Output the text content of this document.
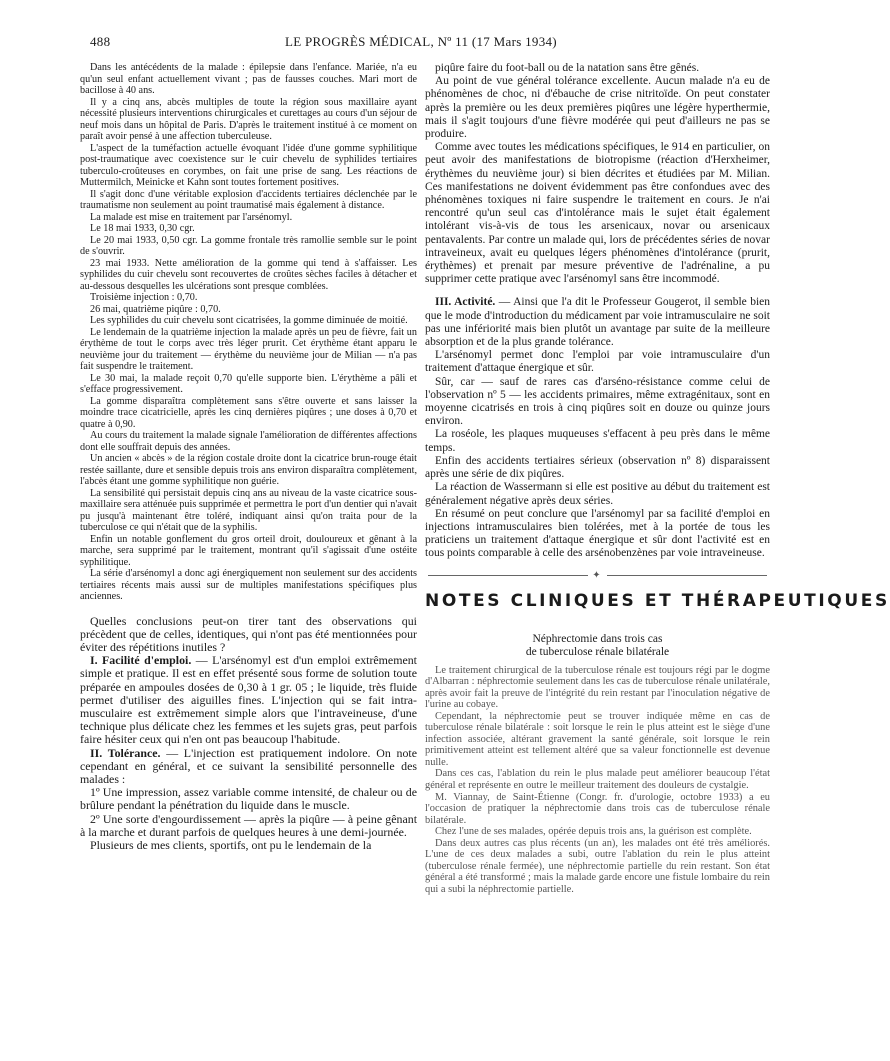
488	LE PROGRÈS MÉDICAL, Nº 11 (17 Mars 1934)

Dans les antécédents de la malade : épilepsie dans l'enfance. Mariée, n'a eu qu'un seul enfant actuellement vivant ; pas de fausses couches. Mari mort de bacillose à 40 ans.

Il y a cinq ans, abcès multiples de toute la région sous maxillaire ayant nécessité plusieurs interventions chirurgicales et curettages au cours d'un séjour de neuf mois dans un hôpital de Paris. D'après le traitement institué à ce moment on paraît avoir pensé à une affection tuberculeuse.

L'aspect de la tuméfaction actuelle évoquant l'idée d'une gomme syphilitique post-traumatique avec coexistence sur le cuir chevelu de syphilides tertiaires tuberculo-croûteuses en corymbes, on fait une prise de sang. Les réactions de Muttermilch, Meinicke et Kahn sont toutes fortement positives.

Il s'agit donc d'une véritable explosion d'accidents tertiaires déclenchée par le traumatisme non seulement au point traumatisé mais également à distance.

La malade est mise en traitement par l'arsénomyl.

Le 18 mai 1933, 0,30 cgr.

Le 20 mai 1933, 0,50 cgr. La gomme frontale très ramollie semble sur le point de s'ouvrir.

23 mai 1933. Nette amélioration de la gomme qui tend à s'affaisser. Les syphilides du cuir chevelu sont recouvertes de croûtes sèches faciles à détacher et au-dessous desquelles les ulcérations sont presque comblées.

Troisième injection : 0,70.

26 mai, quatrième piqûre : 0,70.

Les syphilides du cuir chevelu sont cicatrisées, la gomme diminuée de moitié.

Le lendemain de la quatrième injection la malade après un peu de fièvre, fait un érythème de tout le corps avec très léger prurit. Cet érythème étant apparu le neuvième jour du traitement — érythème du neuvième jour de Milian — n'a pas fait suspendre le traitement.

Le 30 mai, la malade reçoit 0,70 qu'elle supporte bien. L'érythème a pâli et s'efface progressivement.

La gomme disparaîtra complètement sans s'être ouverte et sans laisser la moindre trace cicatricielle, après les cinq dernières piqûres ; une doses à 0,70 et quatre à 0,90.

Au cours du traitement la malade signale l'amélioration de différentes affections dont elle souffrait depuis des années.

Un ancien « abcès » de la région costale droite dont la cicatrice brun-rouge était restée saillante, dure et sensible depuis trois ans environ disparaîtra complètement, l'abcès étant une gomme syphilitique non guérie.

La sensibilité qui persistait depuis cinq ans au niveau de la vaste cicatrice sous-maxillaire sera atténuée puis supprimée et permettra le port d'un dentier qui n'avait pu jusqu'à maintenant être toléré, indiquant ainsi qu'on traita pour de la tuberculose ce qui n'était que de la syphilis.

Enfin un notable gonflement du gros orteil droit, douloureux et gênant à la marche, sera supprimé par le traitement, montrant qu'il s'agissait d'une ostéite syphilitique.

La série d'arsénomyl a donc agi énergiquement non seulement sur des accidents tertiaires récents mais aussi sur de multiples manifestations spécifiques plus anciennes.

Quelles conclusions peut-on tirer tant des observations qui précèdent que de celles, identiques, qui n'ont pas été mentionnées pour éviter des répétitions inutiles ?

I. Facilité d'emploi. — L'arsénomyl est d'un emploi extrêmement simple et pratique. Il est en effet présenté sous forme de solution toute préparée en ampoules dosées de 0,30 à 1 gr. 05 ; le liquide, très fluide permet d'utiliser des aiguilles fines. L'injection qui se fait intra-musculaire est extrêmement simple alors que l'intraveineuse, d'une technique plus délicate chez les femmes et les sujets gras, peut parfois faire hésiter ceux qui n'en ont pas beaucoup l'habitude.

II. Tolérance. — L'injection est pratiquement indolore. On note cependant en général, et ce suivant la sensibilité personnelle des malades :

1º Une impression, assez variable comme intensité, de chaleur ou de brûlure pendant la pénétration du liquide dans le muscle.

2º Une sorte d'engourdissement — après la piqûre — à peine gênant à la marche et durant parfois de quelques heures à une demi-journée.

Plusieurs de mes clients, sportifs, ont pu le lendemain de la

piqûre faire du foot-ball ou de la natation sans être gênés.

Au point de vue général tolérance excellente. Aucun malade n'a eu de phénomènes de choc, ni d'ébauche de crise nitritoïde. On peut constater après la première ou les deux premières piqûres une légère hyperthermie, mais il s'agit toujours d'une fièvre modérée qui peut d'ailleurs ne pas se produire.

Comme avec toutes les médications spécifiques, le 914 en particulier, on peut avoir des manifestations de biotropisme (réaction d'Herxheimer, érythèmes du neuvième jour) si bien décrites et étudiées par M. Milian. Ces manifestations ne doivent évidemment pas être confondues avec des phénomènes toxiques ni faire suspendre le traitement en cours. Je n'ai rencontré qu'un seul cas d'intolérance mais le sujet était également intolérant vis-à-vis de tous les arsenicaux, novar ou arsenicaux pentavalents. Par contre un malade qui, lors de précédentes séries de novar intraveineux, avait eu quelques légers phénomènes d'intolérance (prurit, érythèmes) et prenait par mesure préventive de l'adrénaline, a pu supprimer cette pratique avec l'arsénomyl sans être incommodé.

III. Activité. — Ainsi que l'a dit le Professeur Gougerot, il semble bien que le mode d'introduction du médicament par voie intramusculaire ne soit pas une infériorité mais bien plutôt un avantage par suite de la meilleure absorption et de la plus grande tolérance.

L'arsénomyl permet donc l'emploi par voie intramusculaire d'un traitement d'attaque énergique et sûr.

Sûr, car — sauf de rares cas d'arséno-résistance comme celui de l'observation nº 5 — les accidents primaires, même extragénitaux, sont en moyenne cicatrisés en trois à cinq piqûres soit en douze ou quinze jours environ.

La roséole, les plaques muqueuses s'effacent à peu près dans le même temps.

Enfin des accidents tertiaires sérieux (observation nº 8) disparaissent après une série de dix piqûres.

La réaction de Wassermann si elle est positive au début du traitement est généralement négative après deux séries.

En résumé on peut conclure que l'arsénomyl par sa facilité d'emploi en injections intramusculaires bien tolérées, met à la portée de tous les praticiens un traitement d'attaque énergique et sûr dont l'activité est en tous points comparable à celle des arsénobenzènes par voie intraveineuse.

✦
NOTES CLINIQUES ET THÉRAPEUTIQUES
Néphrectomie dans trois cas
de tuberculose rénale bilatérale

Le traitement chirurgical de la tuberculose rénale est toujours régi par le dogme d'Albarran : néphrectomie seulement dans les cas de tuberculose rénale unilatérale, après avoir fait la preuve de l'intégrité du rein restant par l'inoculation négative de l'urine au cobaye.

Cependant, la néphrectomie peut se trouver indiquée même en cas de tuberculose rénale bilatérale : soit lorsque le rein le plus atteint est le siège d'une infection associée, altérant gravement la santé générale, soit lorsque le rein primitivement atteint est tellement altéré que sa valeur fonctionnelle est devenue nulle.

Dans ces cas, l'ablation du rein le plus malade peut améliorer beaucoup l'état général et représente en outre le meilleur traitement des douleurs de cystalgie.

M. Viannay, de Saint-Étienne (Congr. fr. d'urologie, octobre 1933) a eu l'occasion de pratiquer la néphrectomie dans trois cas de tuberculose rénale bilatérale.

Chez l'une de ses malades, opérée depuis trois ans, la guérison est complète.

Dans deux autres cas plus récents (un an), les malades ont été très améliorés. L'une de ces deux malades a subi, outre l'ablation du rein le plus atteint (tuberculose rénale fermée), une néphrectomie partielle du rein restant. Son état général a été transformé ; mais la malade garde encore une fistule lombaire du rein qui a subi la néphrectomie partielle.
